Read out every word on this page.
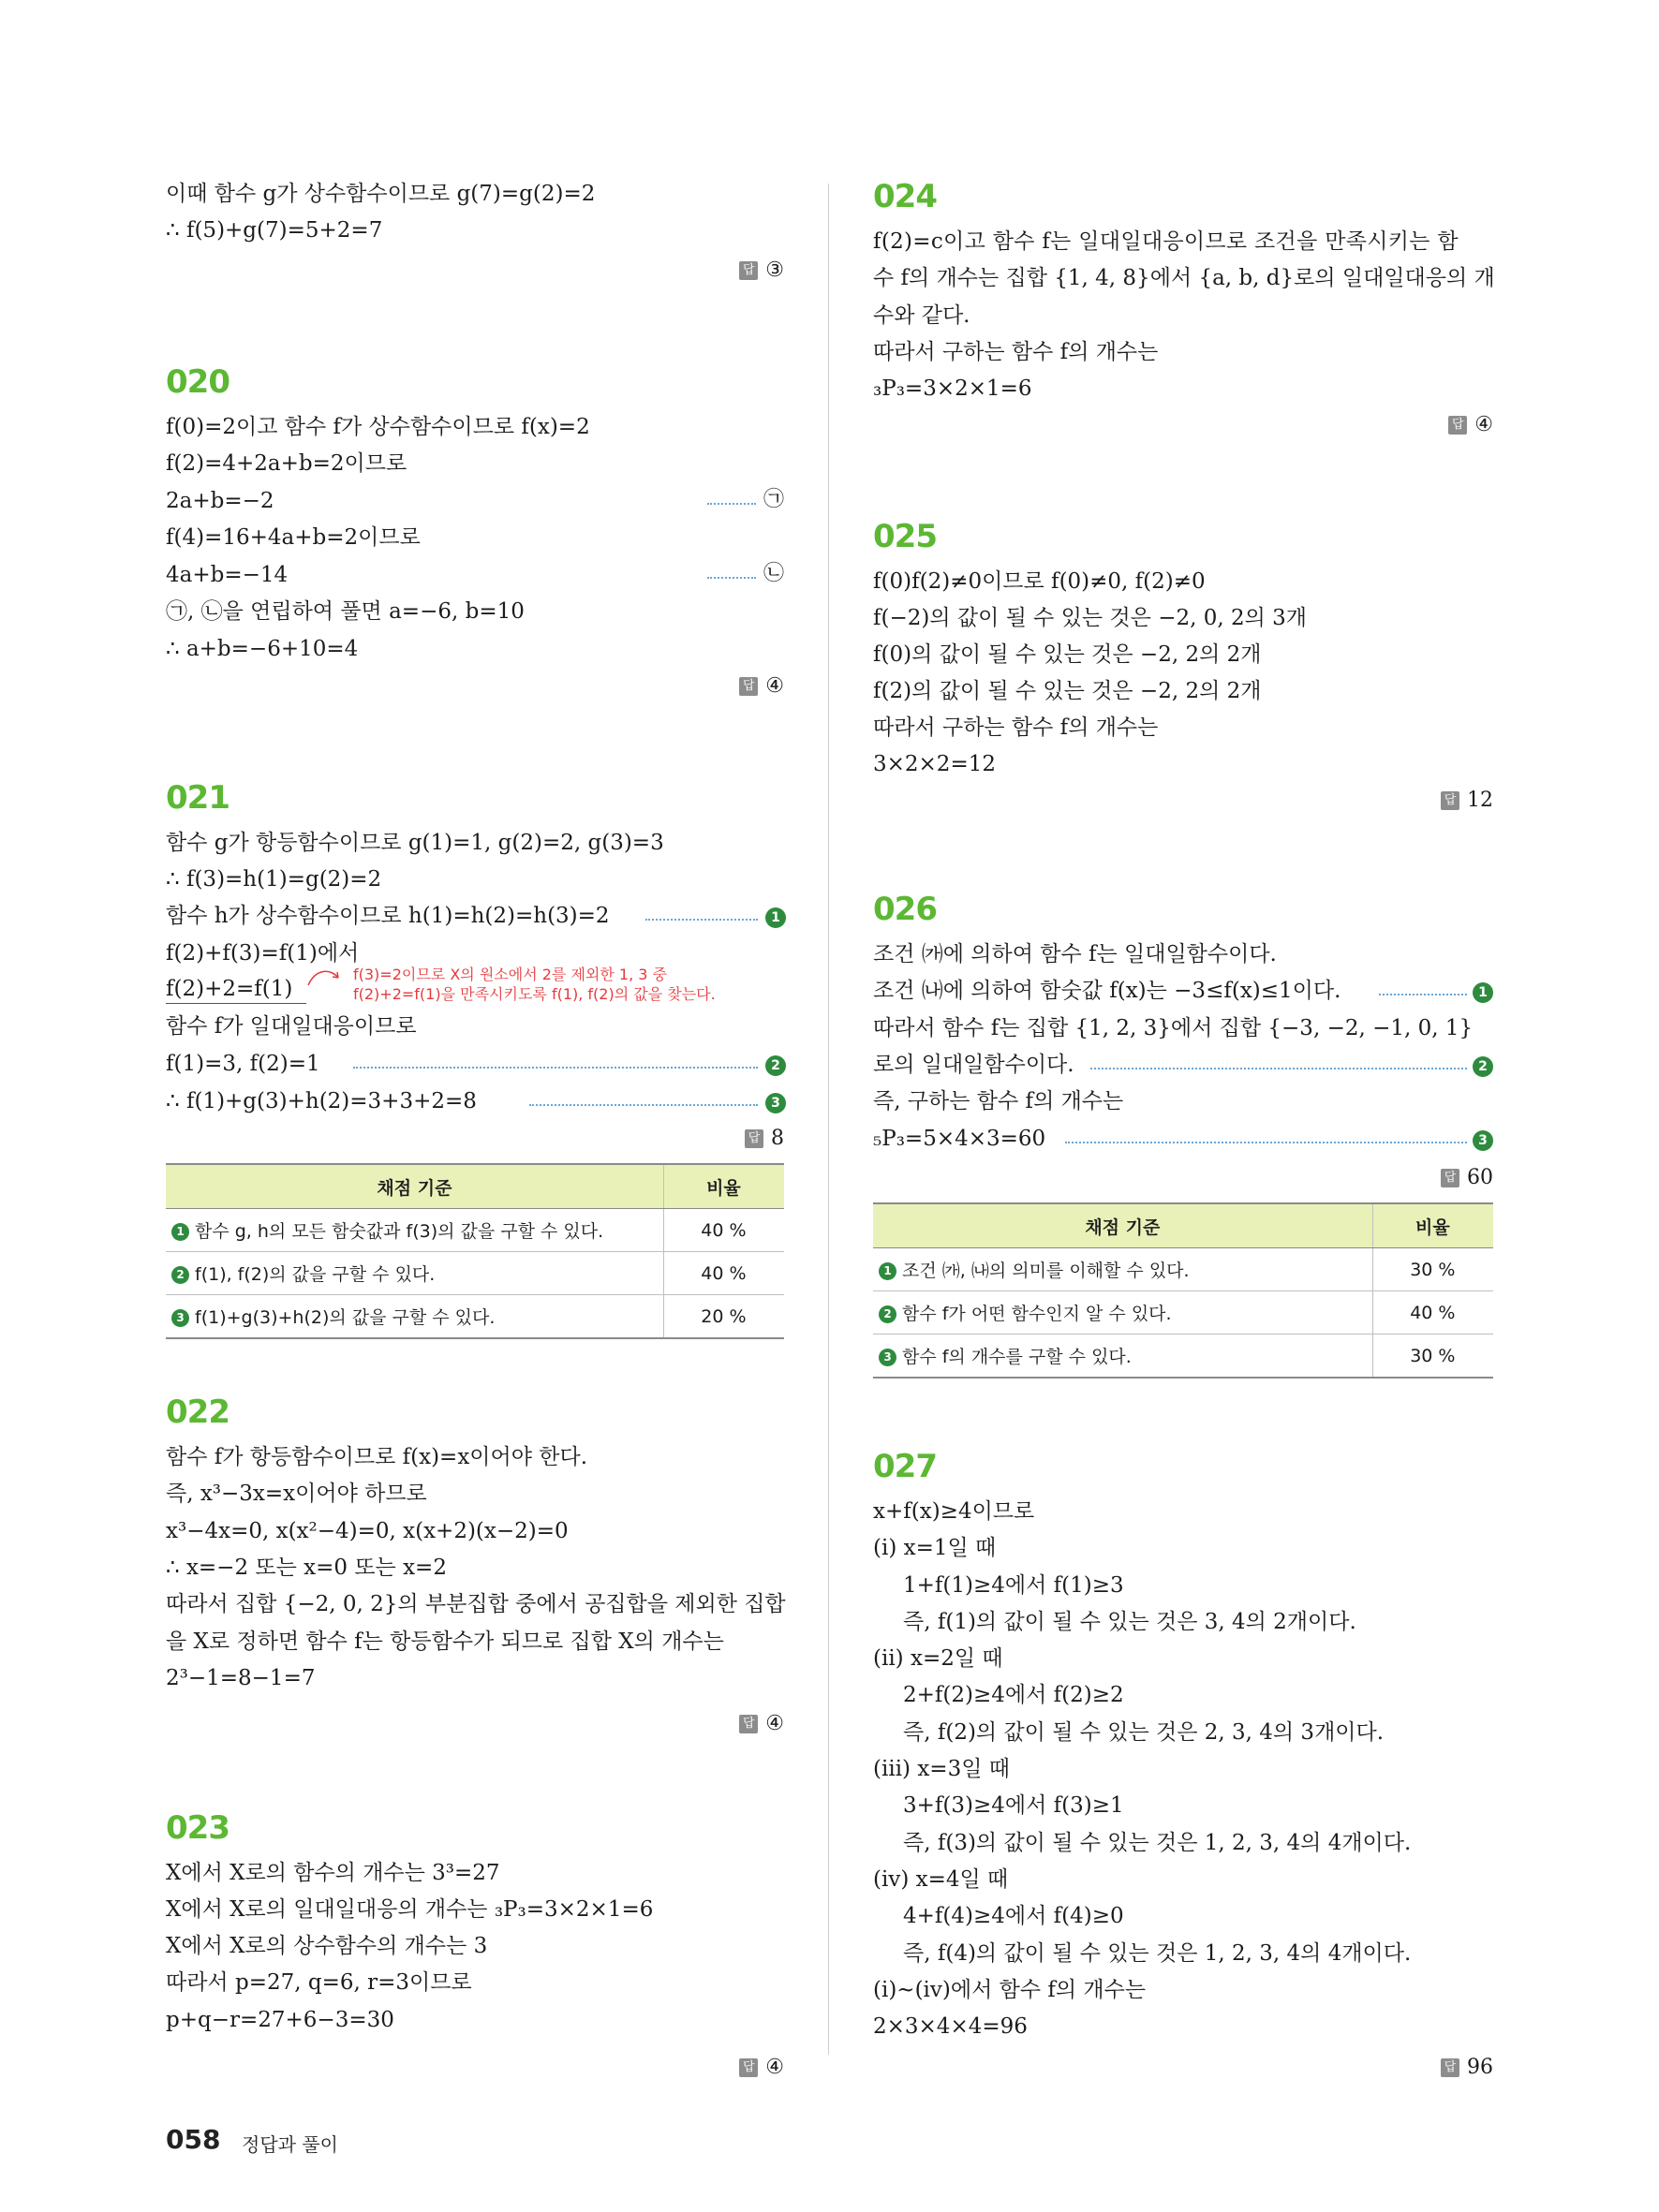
이때 함수 g가 상수함수이므로 g(7)=g(2)=2
∴ f(5)+g(7)=5+2=7
답 ③
020
f(0)=2이고 함수 f가 상수함수이므로 f(x)=2
f(2)=4+2a+b=2이므로
2a+b=−2	㉠
f(4)=16+4a+b=2이므로
4a+b=−14	㉡
㉠, ㉡을 연립하여 풀면 a=−6, b=10
∴ a+b=−6+10=4
답 ④
021
함수 g가 항등함수이므로 g(1)=1, g(2)=2, g(3)=3
∴ f(3)=h(1)=g(2)=2
함수 h가 상수함수이므로 h(1)=h(2)=h(3)=2	1
f(2)+f(3)=f(1)에서
f(2)+2=f(1)
f(3)=2이므로 X의 원소에서 2를 제외한 1, 3 중
f(2)+2=f(1)을 만족시키도록 f(1), f(2)의 값을 찾는다.
함수 f가 일대일대응이므로
f(1)=3, f(2)=1	2
∴ f(1)+g(3)+h(2)=3+3+2=8	3
답 8
채점 기준	비율
1 함수 g, h의 모든 함숫값과 f(3)의 값을 구할 수 있다.	40 %
2 f(1), f(2)의 값을 구할 수 있다.	40 %
3 f(1)+g(3)+h(2)의 값을 구할 수 있다.	20 %
022
함수 f가 항등함수이므로 f(x)=x이어야 한다.
즉, x³−3x=x이어야 하므로
x³−4x=0, x(x²−4)=0, x(x+2)(x−2)=0
∴ x=−2 또는 x=0 또는 x=2
따라서 집합 {−2, 0, 2}의 부분집합 중에서 공집합을 제외한 집합
을 X로 정하면 함수 f는 항등함수가 되므로 집합 X의 개수는
2³−1=8−1=7
답 ④
023
X에서 X로의 함수의 개수는 3³=27
X에서 X로의 일대일대응의 개수는 ₃P₃=3×2×1=6
X에서 X로의 상수함수의 개수는 3
따라서 p=27, q=6, r=3이므로
p+q−r=27+6−3=30
답 ④
024
f(2)=c이고 함수 f는 일대일대응이므로 조건을 만족시키는 함
수 f의 개수는 집합 {1, 4, 8}에서 {a, b, d}로의 일대일대응의 개
수와 같다.
따라서 구하는 함수 f의 개수는
₃P₃=3×2×1=6
답 ④
025
f(0)f(2)≠0이므로 f(0)≠0, f(2)≠0
f(−2)의 값이 될 수 있는 것은 −2, 0, 2의 3개
f(0)의 값이 될 수 있는 것은 −2, 2의 2개
f(2)의 값이 될 수 있는 것은 −2, 2의 2개
따라서 구하는 함수 f의 개수는
3×2×2=12
답 12
026
조건 ㈎에 의하여 함수 f는 일대일함수이다.
조건 ㈏에 의하여 함숫값 f(x)는 −3≤f(x)≤1이다.	1
따라서 함수 f는 집합 {1, 2, 3}에서 집합 {−3, −2, −1, 0, 1}
로의 일대일함수이다.	2
즉, 구하는 함수 f의 개수는
₅P₃=5×4×3=60	3
답 60
채점 기준	비율
1 조건 ㈎, ㈏의 의미를 이해할 수 있다.	30 %
2 함수 f가 어떤 함수인지 알 수 있다.	40 %
3 함수 f의 개수를 구할 수 있다.	30 %
027
x+f(x)≥4이므로
(ⅰ) x=1일 때
1+f(1)≥4에서 f(1)≥3
즉, f(1)의 값이 될 수 있는 것은 3, 4의 2개이다.
(ⅱ) x=2일 때
2+f(2)≥4에서 f(2)≥2
즉, f(2)의 값이 될 수 있는 것은 2, 3, 4의 3개이다.
(ⅲ) x=3일 때
3+f(3)≥4에서 f(3)≥1
즉, f(3)의 값이 될 수 있는 것은 1, 2, 3, 4의 4개이다.
(ⅳ) x=4일 때
4+f(4)≥4에서 f(4)≥0
즉, f(4)의 값이 될 수 있는 것은 1, 2, 3, 4의 4개이다.
(ⅰ)~(ⅳ)에서 함수 f의 개수는
2×3×4×4=96
답 96
058 정답과 풀이
